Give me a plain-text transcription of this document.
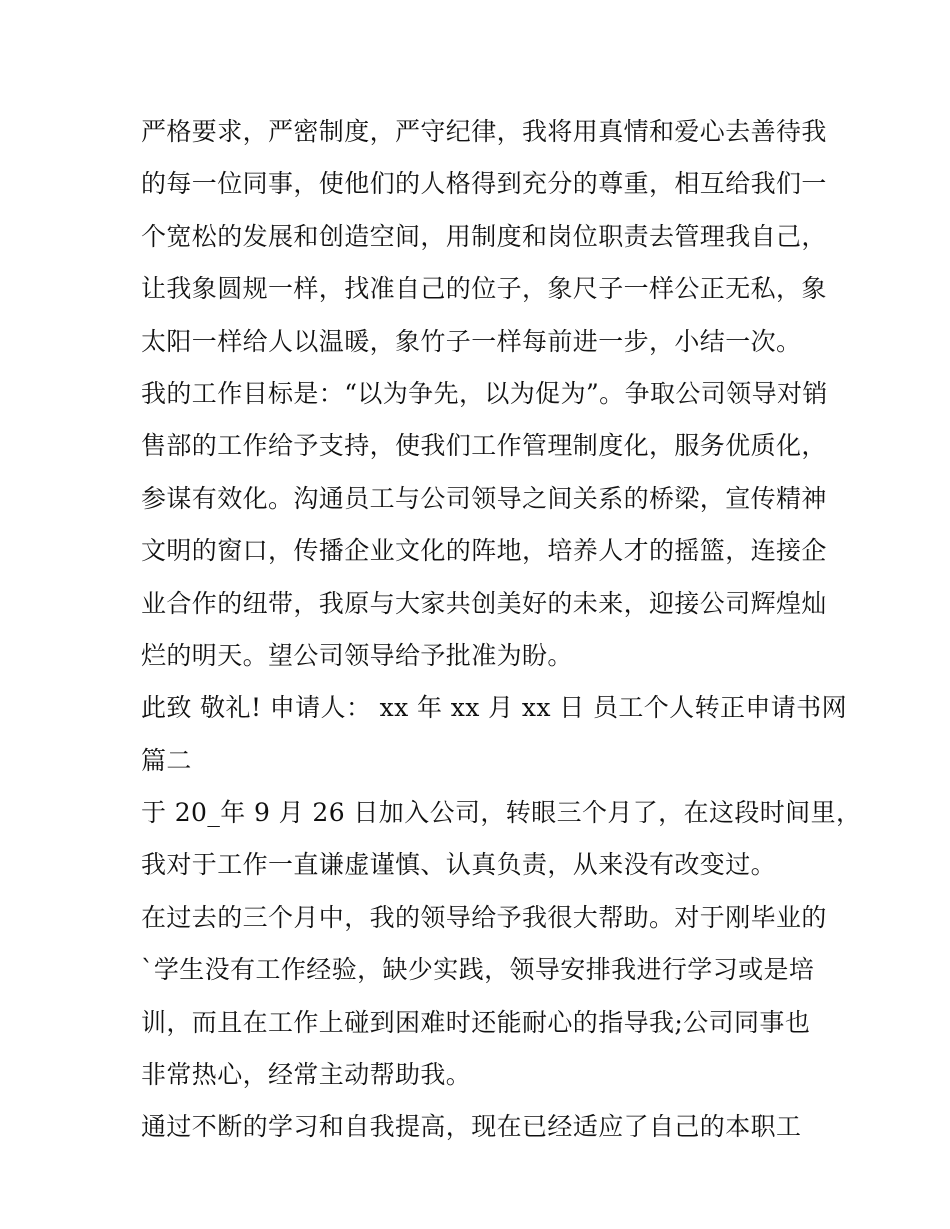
严格要求，严密制度，严守纪律，我将用真情和爱心去善待我
的每一位同事，使他们的人格得到充分的尊重，相互给我们一
个宽松的发展和创造空间，用制度和岗位职责去管理我自己，
让我象圆规一样，找准自己的位子，象尺子一样公正无私，象
太阳一样给人以温暖，象竹子一样每前进一步，小结一次。
我的工作目标是：“以为争先，以为促为”。争取公司领导对销
售部的工作给予支持，使我们工作管理制度化，服务优质化，
参谋有效化。沟通员工与公司领导之间关系的桥梁，宣传精神
文明的窗口，传播企业文化的阵地，培养人才的摇篮，连接企
业合作的纽带，我原与大家共创美好的未来，迎接公司辉煌灿
烂的明天。望公司领导给予批准为盼。
此致 敬礼! 申请人： xx 年 xx 月 xx 日 员工个人转正申请书网
篇二
于 20_年 9 月 26 日加入公司，转眼三个月了，在这段时间里，
我对于工作一直谦虚谨慎、认真负责，从来没有改变过。
在过去的三个月中，我的领导给予我很大帮助。对于刚毕业的
`学生没有工作经验，缺少实践，领导安排我进行学习或是培
训，而且在工作上碰到困难时还能耐心的指导我;公司同事也
非常热心，经常主动帮助我。
通过不断的学习和自我提高，现在已经适应了自己的本职工
